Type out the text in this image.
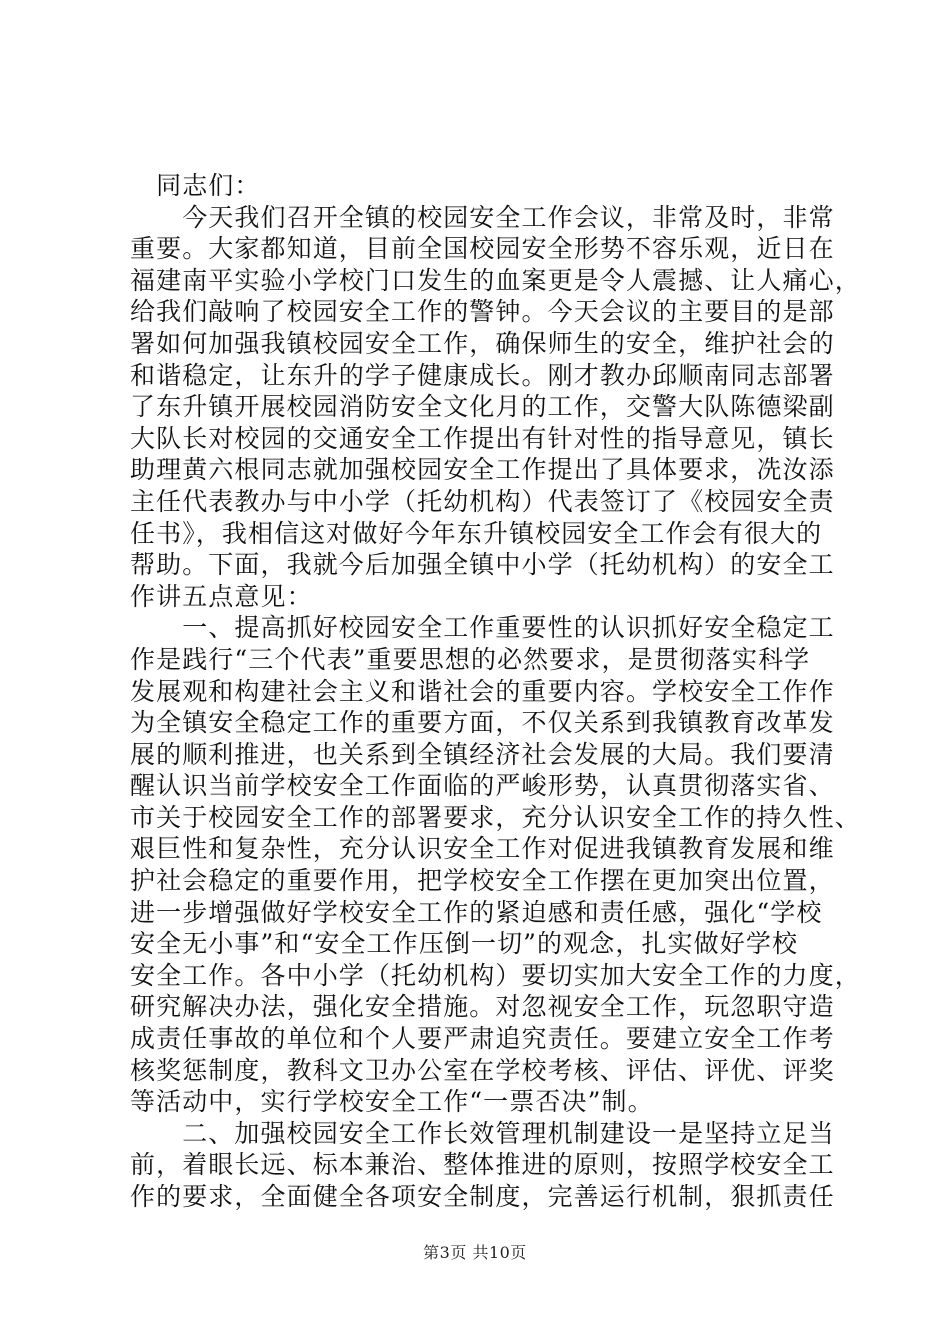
　同志们：
　　今天我们召开全镇的校园安全工作会议，非常及时，非常
重要。大家都知道，目前全国校园安全形势不容乐观，近日在
福建南平实验小学校门口发生的血案更是令人震撼、让人痛心，
给我们敲响了校园安全工作的警钟。今天会议的主要目的是部
署如何加强我镇校园安全工作，确保师生的安全，维护社会的
和谐稳定，让东升的学子健康成长。刚才教办邱顺南同志部署
了东升镇开展校园消防安全文化月的工作，交警大队陈德梁副
大队长对校园的交通安全工作提出有针对性的指导意见，镇长
助理黄六根同志就加强校园安全工作提出了具体要求，冼汝添
主任代表教办与中小学（托幼机构）代表签订了《校园安全责
任书》，我相信这对做好今年东升镇校园安全工作会有很大的
帮助。下面，我就今后加强全镇中小学（托幼机构）的安全工
作讲五点意见：
　　一、提高抓好校园安全工作重要性的认识抓好安全稳定工
作是践行“三个代表”重要思想的必然要求，是贯彻落实科学
发展观和构建社会主义和谐社会的重要内容。学校安全工作作
为全镇安全稳定工作的重要方面，不仅关系到我镇教育改革发
展的顺利推进，也关系到全镇经济社会发展的大局。我们要清
醒认识当前学校安全工作面临的严峻形势，认真贯彻落实省、
市关于校园安全工作的部署要求，充分认识安全工作的持久性、
艰巨性和复杂性，充分认识安全工作对促进我镇教育发展和维
护社会稳定的重要作用，把学校安全工作摆在更加突出位置，
进一步增强做好学校安全工作的紧迫感和责任感，强化“学校
安全无小事”和“安全工作压倒一切”的观念，扎实做好学校
安全工作。各中小学（托幼机构）要切实加大安全工作的力度，
研究解决办法，强化安全措施。对忽视安全工作，玩忽职守造
成责任事故的单位和个人要严肃追究责任。要建立安全工作考
核奖惩制度，教科文卫办公室在学校考核、评估、评优、评奖
等活动中，实行学校安全工作“一票否决”制。
　　二、加强校园安全工作长效管理机制建设一是坚持立足当
前，着眼长远、标本兼治、整体推进的原则，按照学校安全工
作的要求，全面健全各项安全制度，完善运行机制，狠抓责任
第3页 共10页
